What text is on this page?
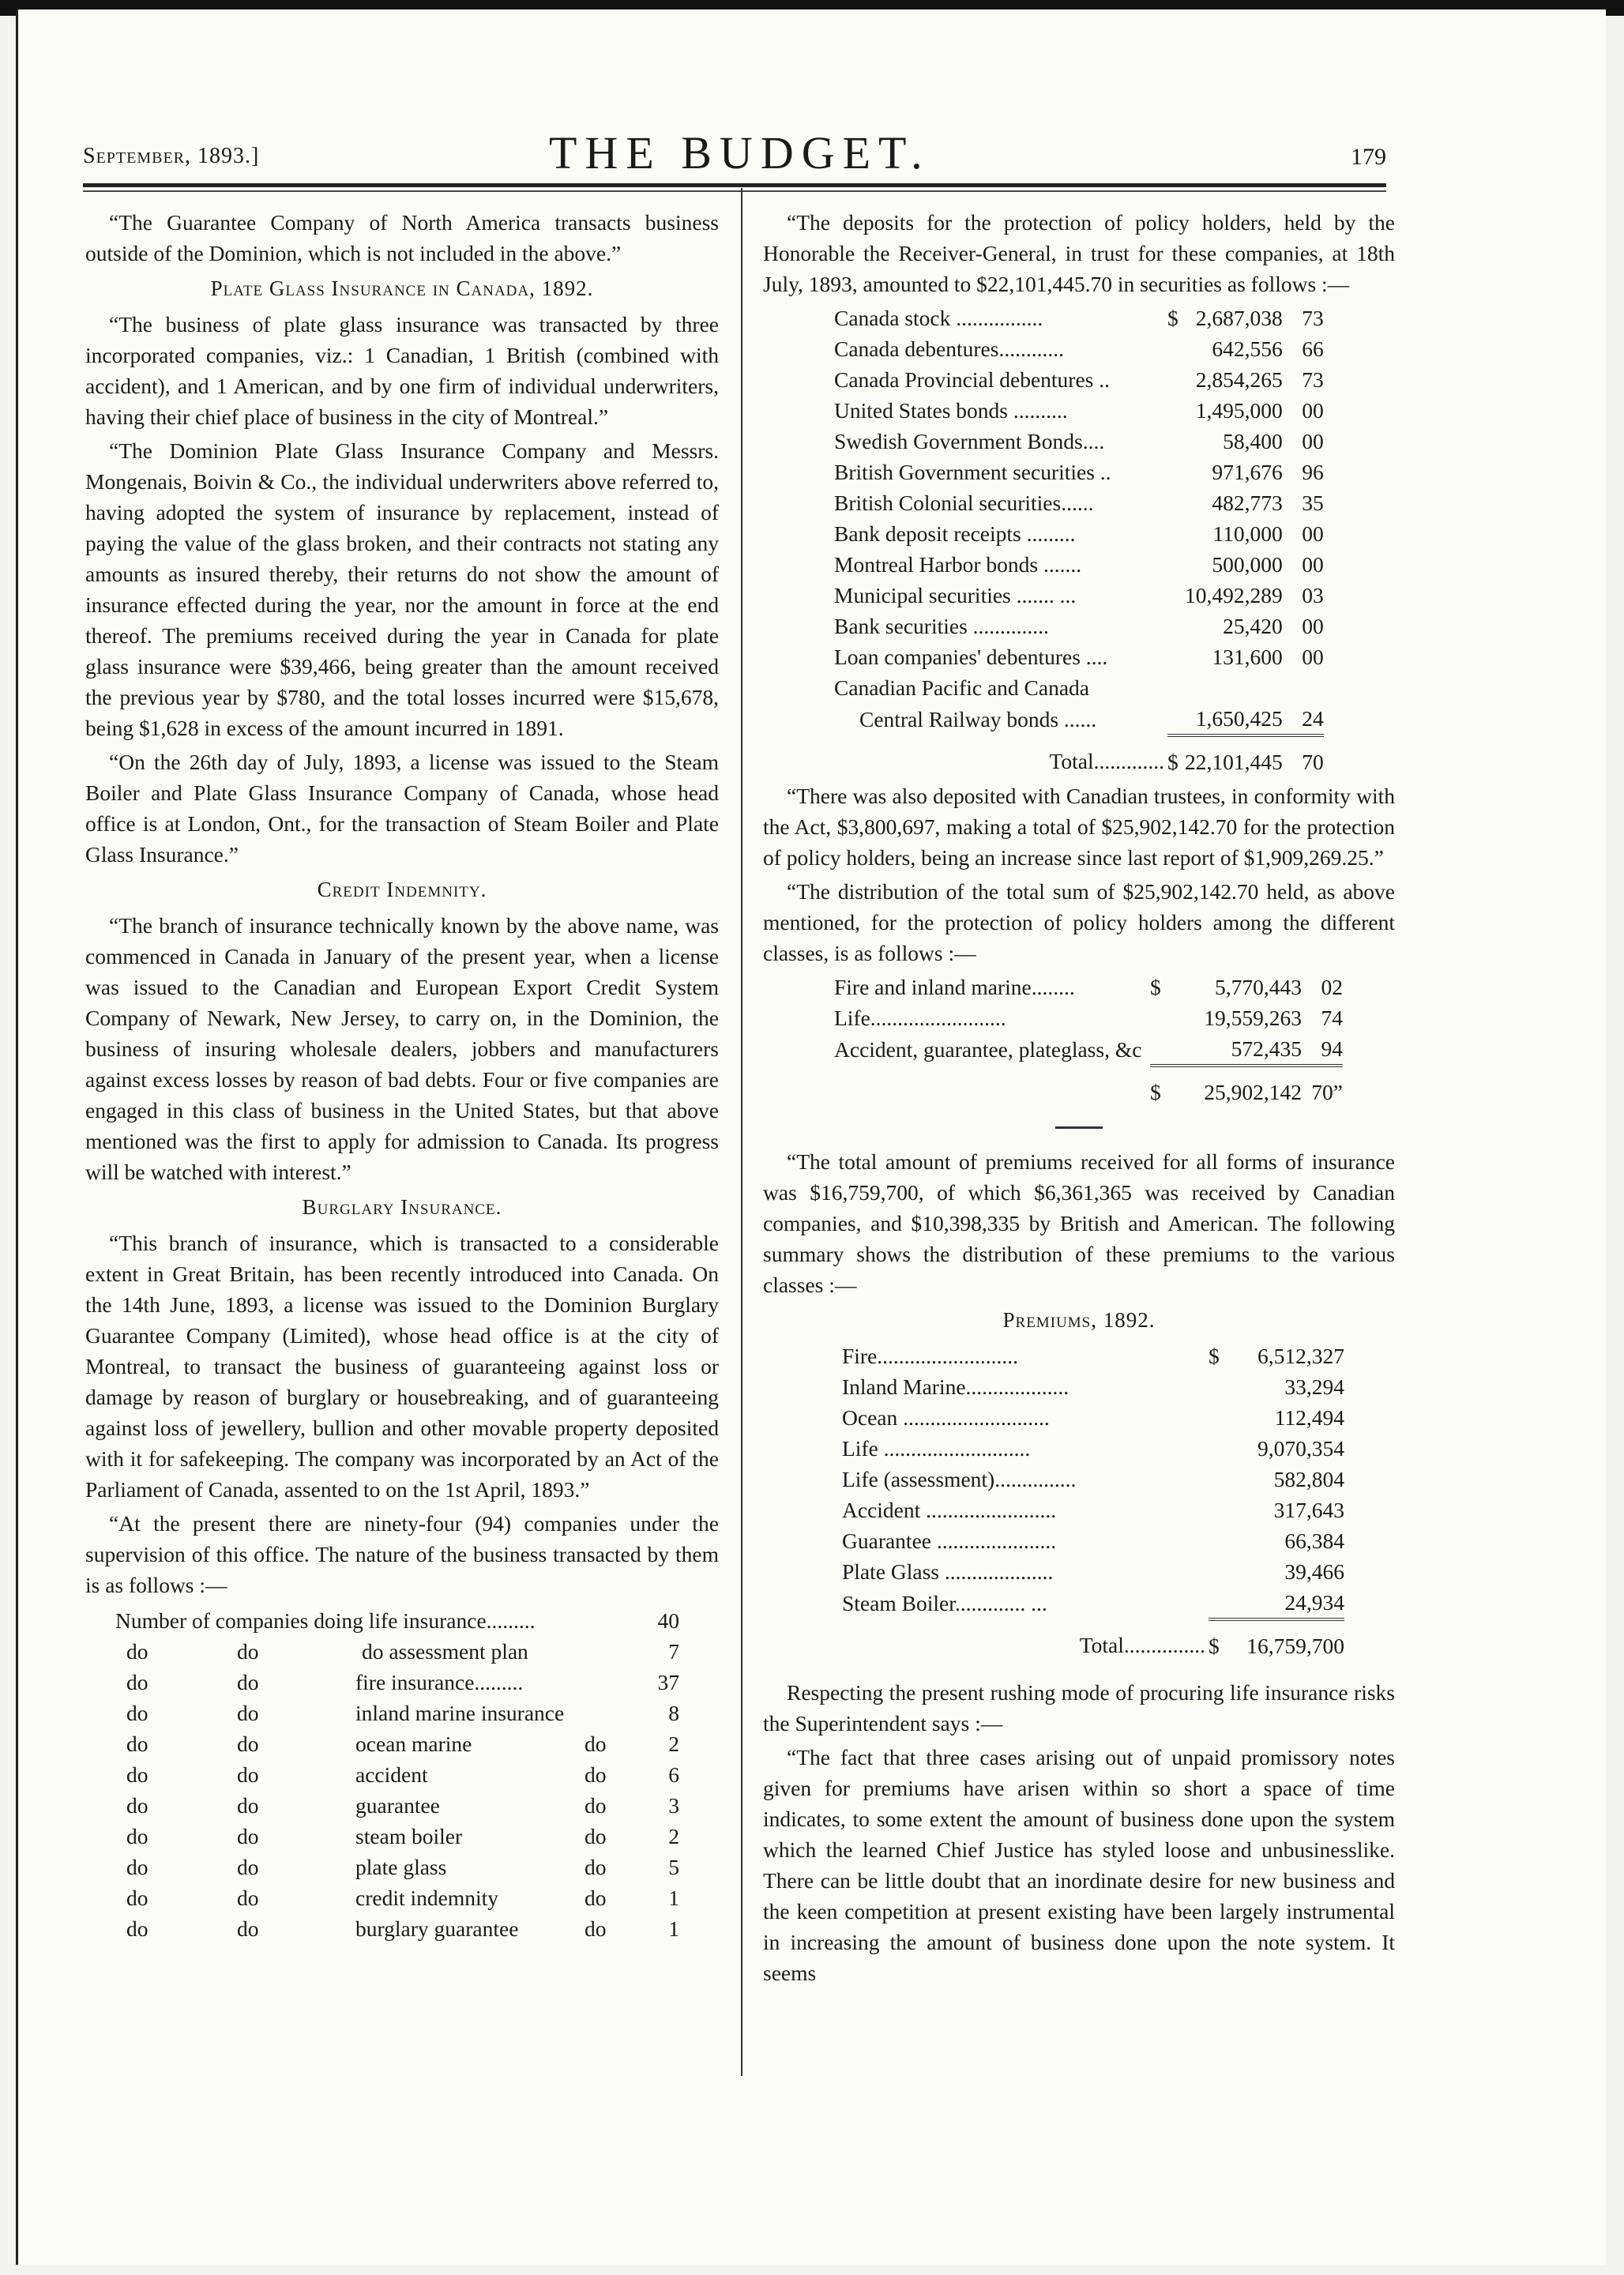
September, 1893.]	THE BUDGET.	179

“The Guarantee Company of North America transacts business outside of the Dominion, which is not included in the above.”

Plate Glass Insurance in Canada, 1892.

“The business of plate glass insurance was transacted by three incorporated companies, viz.: 1 Canadian, 1 British (combined with accident), and 1 American, and by one firm of individual underwriters, having their chief place of business in the city of Montreal.”

“The Dominion Plate Glass Insurance Company and Messrs. Mongenais, Boivin & Co., the individual underwriters above referred to, having adopted the system of insurance by replacement, instead of paying the value of the glass broken, and their contracts not stating any amounts as insured thereby, their returns do not show the amount of insurance effected during the year, nor the amount in force at the end thereof. The premiums received during the year in Canada for plate glass insurance were $39,466, being greater than the amount received the previous year by $780, and the total losses incurred were $15,678, being $1,628 in excess of the amount incurred in 1891.

“On the 26th day of July, 1893, a license was issued to the Steam Boiler and Plate Glass Insurance Company of Canada, whose head office is at London, Ont., for the transaction of Steam Boiler and Plate Glass Insurance.”

Credit Indemnity.

“The branch of insurance technically known by the above name, was commenced in Canada in January of the present year, when a license was issued to the Canadian and European Export Credit System Company of Newark, New Jersey, to carry on, in the Dominion, the business of insuring wholesale dealers, jobbers and manufacturers against excess losses by reason of bad debts. Four or five companies are engaged in this class of business in the United States, but that above mentioned was the first to apply for admission to Canada. Its progress will be watched with interest.”

Burglary Insurance.

“This branch of insurance, which is transacted to a considerable extent in Great Britain, has been recently introduced into Canada. On the 14th June, 1893, a license was issued to the Dominion Burglary Guarantee Company (Limited), whose head office is at the city of Montreal, to transact the business of guaranteeing against loss or damage by reason of burglary or housebreaking, and of guaranteeing against loss of jewellery, bullion and other movable property deposited with it for safekeeping. The company was incorporated by an Act of the Parliament of Canada, assented to on the 1st April, 1893.”

“At the present there are ninety-four (94) companies under the supervision of this office. The nature of the business transacted by them is as follows :—

Number of companies doing life insurance.........				40
do	do	do assessment plan		7
do	do	fire insurance.........		37
do	do	inland marine insurance		8
do	do	ocean marine	do	2
do	do	accident	do	6
do	do	guarantee	do	3
do	do	steam boiler	do	2
do	do	plate glass	do	5
do	do	credit indemnity	do	1
do	do	burglary guarantee	do	1

“The deposits for the protection of policy holders, held by the Honorable the Receiver-General, in trust for these companies, at 18th July, 1893, amounted to $22,101,445.70 in securities as follows :—

Canada stock ................	$	2,687,038	73
Canada debentures............		642,556	66
Canada Provincial debentures ..		2,854,265	73
United States bonds ..........		1,495,000	00
Swedish Government Bonds....		58,400	00
British Government securities ..		971,676	96
British Colonial securities......		482,773	35
Bank deposit receipts .........		110,000	00
Montreal Harbor bonds .......		500,000	00
Municipal securities ....... ...		10,492,289	03
Bank securities ..............		25,420	00
Loan companies' debentures ....		131,600	00
Canadian Pacific and Canada			
Central Railway bonds ......		1,650,425	24
Total.............	$	22,101,445	70

“There was also deposited with Canadian trustees, in conformity with the Act, $3,800,697, making a total of $25,902,142.70 for the protection of policy holders, being an increase since last report of $1,909,269.25.”

“The distribution of the total sum of $25,902,142.70 held, as above mentioned, for the protection of policy holders among the different classes, is as follows :—

Fire and inland marine........	$	5,770,443	02
Life.........................		19,559,263	74
Accident, guarantee, plateglass, &c		572,435	94
	$	25,902,142	70”

“The total amount of premiums received for all forms of insurance was $16,759,700, of which $6,361,365 was received by Canadian companies, and $10,398,335 by British and American. The following summary shows the distribution of these premiums to the various classes :—

Premiums, 1892.

Fire..........................	$	6,512,327
Inland Marine...................		33,294
Ocean ...........................		112,494
Life ...........................		9,070,354
Life (assessment)...............		582,804
Accident ........................		317,643
Guarantee ......................		66,384
Plate Glass ....................		39,466
Steam Boiler............. ...		24,934
Total...............	$	16,759,700

Respecting the present rushing mode of procuring life insurance risks the Superintendent says :—

“The fact that three cases arising out of unpaid promissory notes given for premiums have arisen within so short a space of time indicates, to some extent the amount of business done upon the system which the learned Chief Justice has styled loose and unbusinesslike. There can be little doubt that an inordinate desire for new business and the keen competition at present existing have been largely instrumental in increasing the amount of business done upon the note system. It seems
